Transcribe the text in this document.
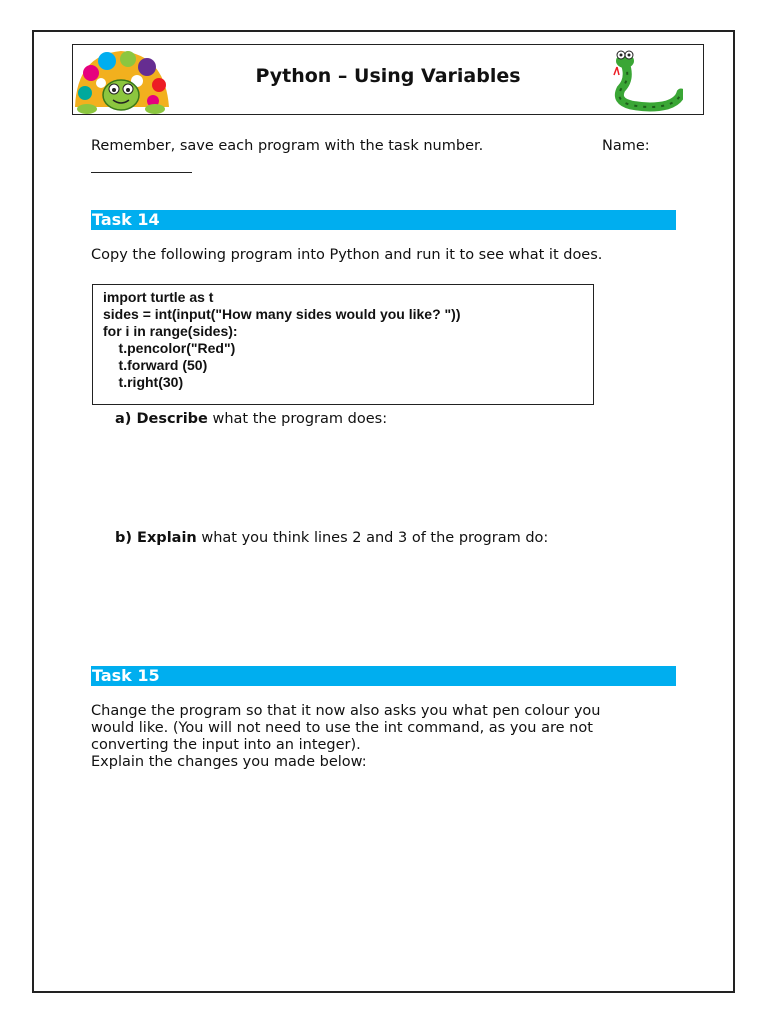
Python – Using Variables
Remember, save each program with the task number.	Name:
Task 14
Copy the following program into Python and run it to see what it does.
import turtle as t
sides = int(input("How many sides would you like? "))
for i in range(sides):
t.pencolor("Red")
t.forward (50)
t.right(30)
a) Describe what the program does:
b) Explain what you think lines 2 and 3 of the program do:
Task 15
Change the program so that it now also asks you what pen colour you
would like. (You will not need to use the int command, as you are not
converting the input into an integer).
Explain the changes you made below:
